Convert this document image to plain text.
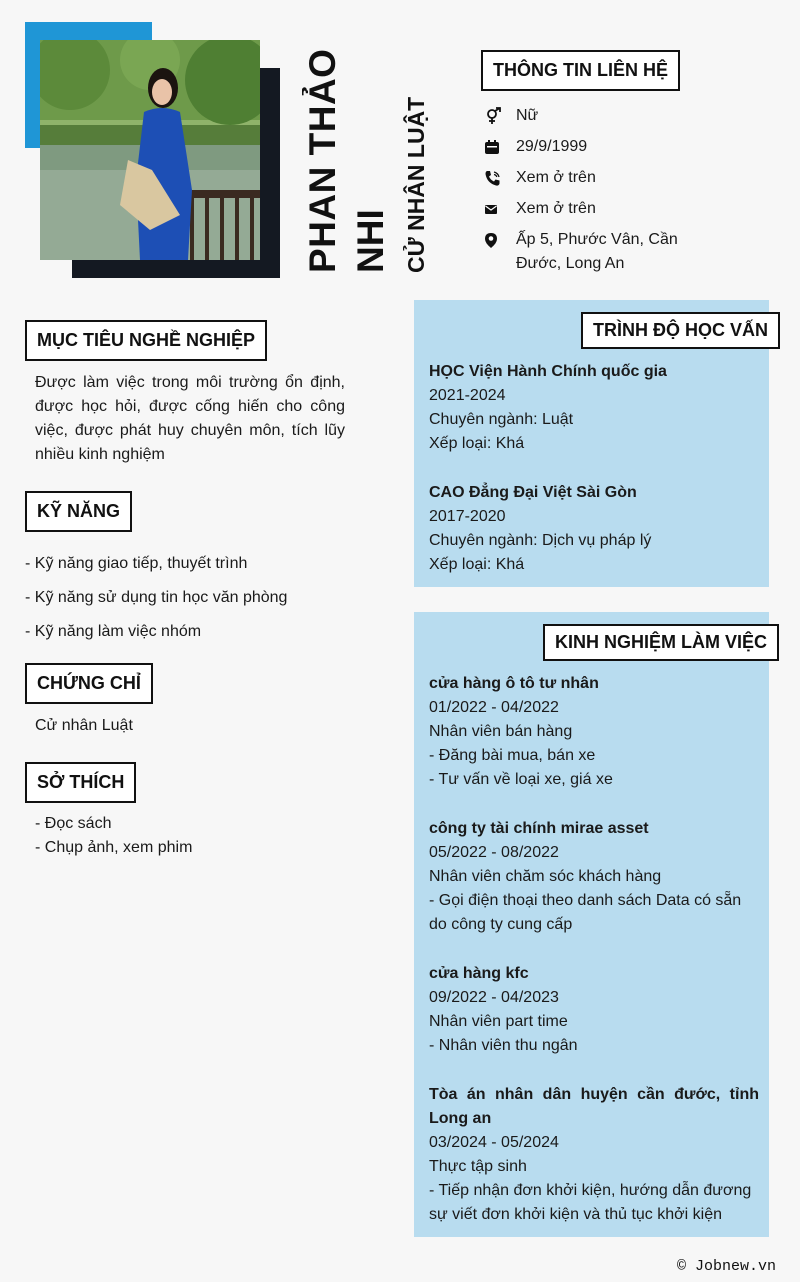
PHAN THẢO NHI CỬ NHÂN LUẬT
THÔNG TIN LIÊN HỆ
Nữ
29/9/1999
Xem ở trên
Xem ở trên
Ấp 5, Phước Vân, Cần Đước, Long An
MỤC TIÊU NGHỀ NGHIỆP
Được làm việc trong môi trường ổn định, được học hỏi, được cống hiến cho công việc, được phát huy chuyên môn, tích lũy nhiều kinh nghiệm
KỸ NĂNG
- Kỹ năng giao tiếp, thuyết trình
- Kỹ năng sử dụng tin học văn phòng
- Kỹ năng làm việc nhóm
CHỨNG CHỈ
Cử nhân Luật
SỞ THÍCH
- Đọc sách
- Chụp ảnh, xem phim
TRÌNH ĐỘ HỌC VẤN
HỌC Viện Hành Chính quốc gia
2021-2024
Chuyên ngành: Luật
Xếp loại: Khá
CAO Đẳng Đại Việt Sài Gòn
2017-2020
Chuyên ngành: Dịch vụ pháp lý
Xếp loại: Khá
KINH NGHIỆM LÀM VIỆC
cửa hàng ô tô tư nhân
01/2022 - 04/2022
Nhân viên bán hàng
- Đăng bài mua, bán xe
- Tư vấn về loại xe, giá xe
công ty tài chính mirae asset
05/2022 - 08/2022
Nhân viên chăm sóc khách hàng
- Gọi điện thoại theo danh sách Data có sẵn do công ty cung cấp
cửa hàng kfc
09/2022 - 04/2023
Nhân viên part time
- Nhân viên thu ngân
Tòa án nhân dân huyện cần đước, tỉnh Long an
03/2024 - 05/2024
Thực tập sinh
- Tiếp nhận đơn khởi kiện, hướng dẫn đương sự viết đơn khởi kiện và thủ tục khởi kiện
© Jobnew.vn
